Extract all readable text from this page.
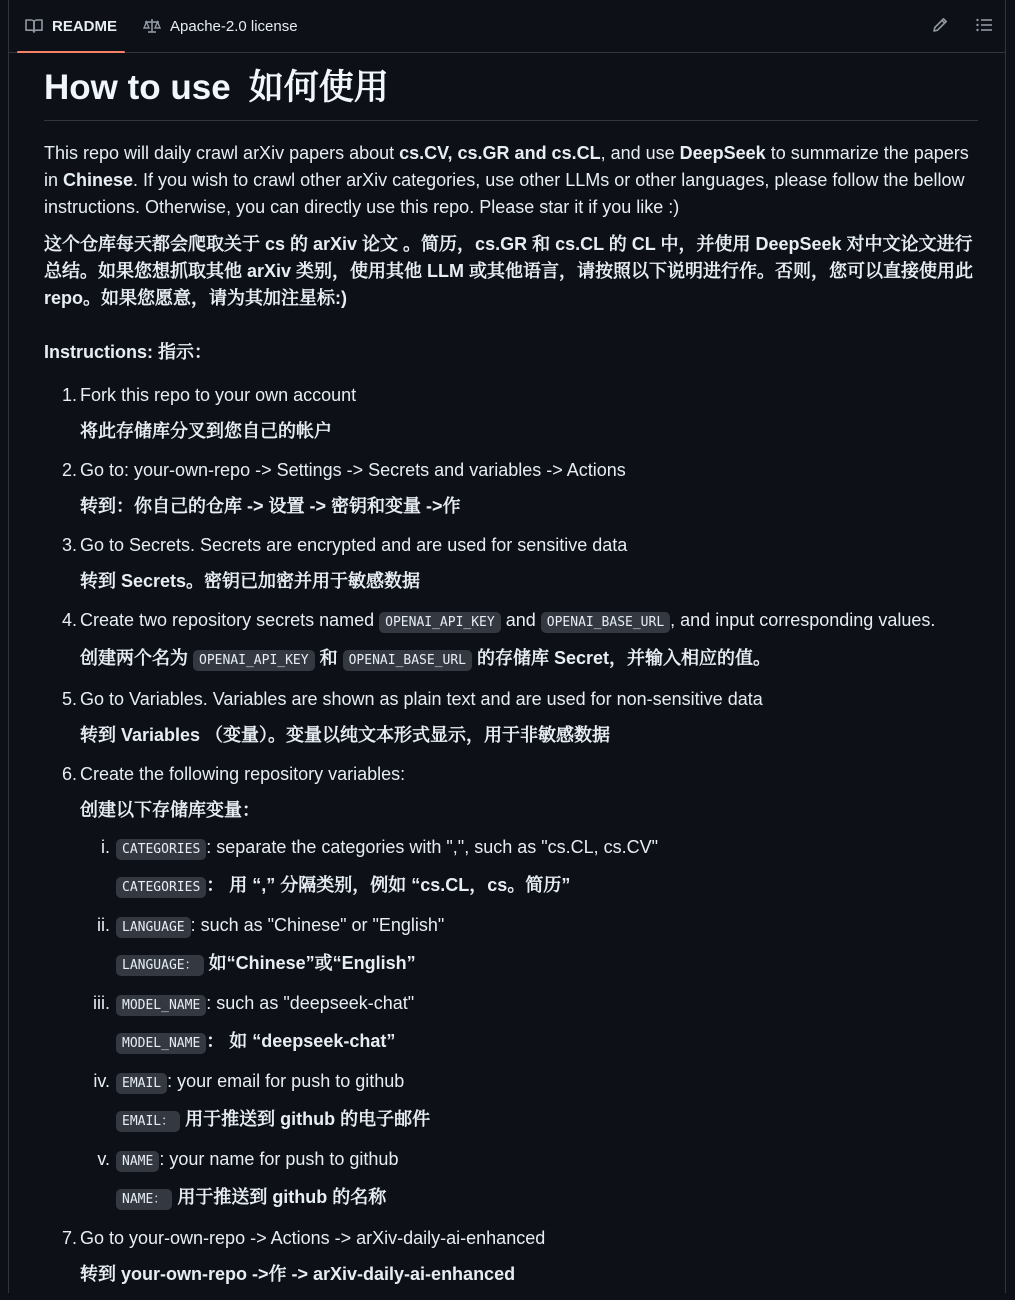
README	Apache-2.0 license
How to use 如何使用

This repo will daily crawl arXiv papers about cs.CV, cs.GR and cs.CL, and use DeepSeek to summarize the papers in Chinese. If you wish to crawl other arXiv categories, use other LLMs or other languages, please follow the bellow instructions. Otherwise, you can directly use this repo. Please star it if you like :)

这个仓库每天都会爬取关于 cs 的 arXiv 论文 。简历，cs.GR 和 cs.CL 的 CL 中，并使用 DeepSeek 对中文论文进行总结。如果您想抓取其他 arXiv 类别，使用其他 LLM 或其他语言，请按照以下说明进行作。否则，您可以直接使用此 repo。如果您愿意，请为其加注星标:)

Instructions: 指示：

1. Fork this repo to your own account
将此存储库分叉到您自己的帐户
2. Go to: your-own-repo -> Settings -> Secrets and variables -> Actions
转到：你自己的仓库 -> 设置 -> 密钥和变量 ->作
3. Go to Secrets. Secrets are encrypted and are used for sensitive data
转到 Secrets。密钥已加密并用于敏感数据
4. Create two repository secrets named OPENAI_API_KEY and OPENAI_BASE_URL , and input corresponding values.
创建两个名为 OPENAI_API_KEY 和 OPENAI_BASE_URL 的存储库 Secret，并输入相应的值。
5. Go to Variables. Variables are shown as plain text and are used for non-sensitive data
转到 Variables （变量）。变量以纯文本形式显示，用于非敏感数据
6. Create the following repository variables:
创建以下存储库变量：
i. CATEGORIES : separate the categories with ",", such as "cs.CL, cs.CV"
CATEGORIES ： 用 “,” 分隔类别，例如 “cs.CL，cs。简历”
ii. LANGUAGE : such as "Chinese" or "English"
LANGUAGE： 如“Chinese”或“English”
iii. MODEL_NAME : such as "deepseek-chat"
MODEL_NAME ： 如 “deepseek-chat”
iv. EMAIL : your email for push to github
EMAIL： 用于推送到 github 的电子邮件
v. NAME : your name for push to github
NAME： 用于推送到 github 的名称
7. Go to your-own-repo -> Actions -> arXiv-daily-ai-enhanced
转到 your-own-repo ->作 -> arXiv-daily-ai-enhanced
